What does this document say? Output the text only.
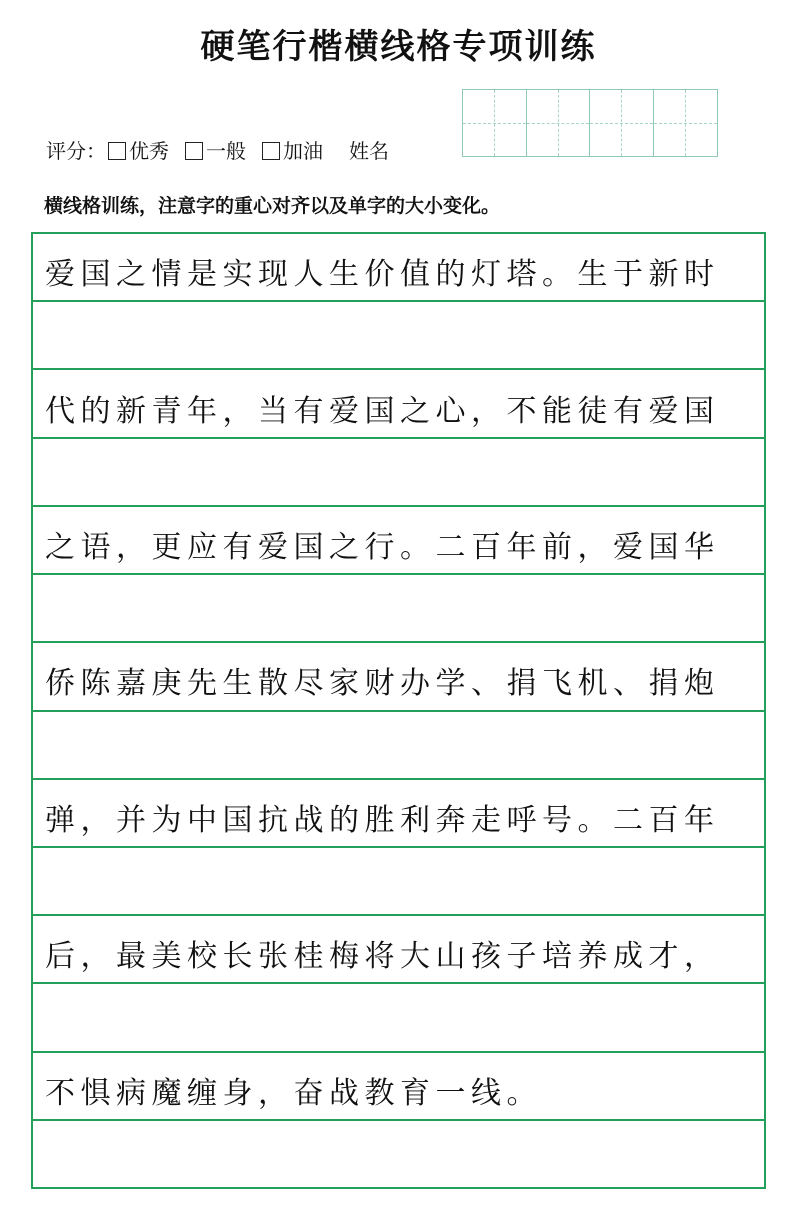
硬笔行楷横线格专项训练
评分： 优秀 一般 加油 姓名
横线格训练，注意字的重心对齐以及单字的大小变化。
爱国之情是实现人生价值的灯塔。生于新时
代的新青年，当有爱国之心，不能徒有爱国
之语，更应有爱国之行。二百年前，爱国华
侨陈嘉庚先生散尽家财办学、捐飞机、捐炮
弹，并为中国抗战的胜利奔走呼号。二百年
后，最美校长张桂梅将大山孩子培养成才，
不惧病魔缠身，奋战教育一线。
